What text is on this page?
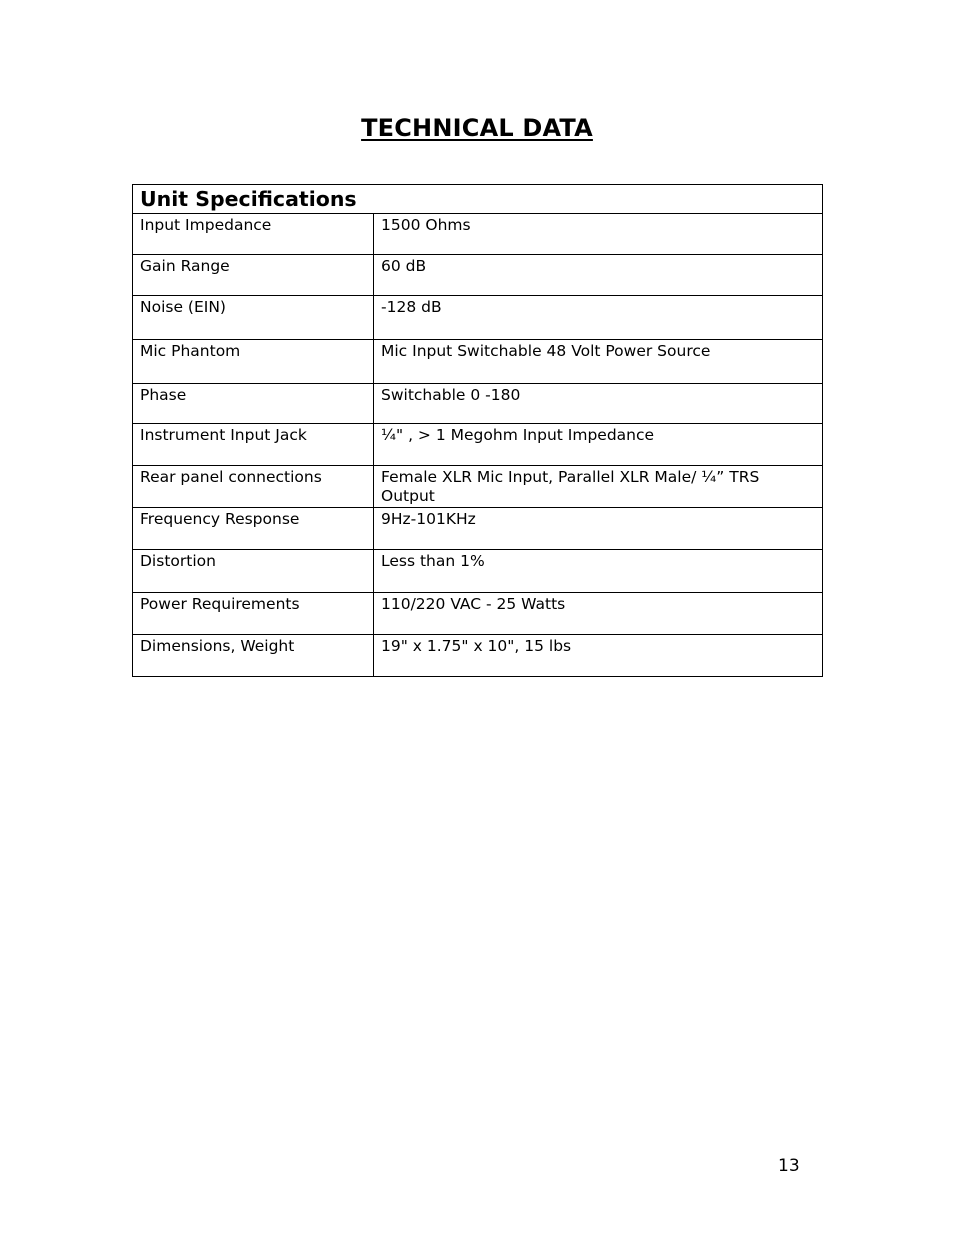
TECHNICAL DATA
Unit Specifications	
Input Impedance	1500 Ohms
Gain Range	60 dB
Noise (EIN)	-128 dB
Mic Phantom	Mic Input Switchable 48 Volt Power Source
Phase	Switchable 0 -180
Instrument Input Jack	¼" , > 1 Megohm Input Impedance
Rear panel connections	Female XLR Mic Input, Parallel XLR Male/ ¼” TRS Output
Frequency Response	9Hz-101KHz
Distortion	Less than 1%
Power Requirements	110/220 VAC - 25 Watts
Dimensions, Weight	19" x 1.75" x 10", 15 lbs
13
